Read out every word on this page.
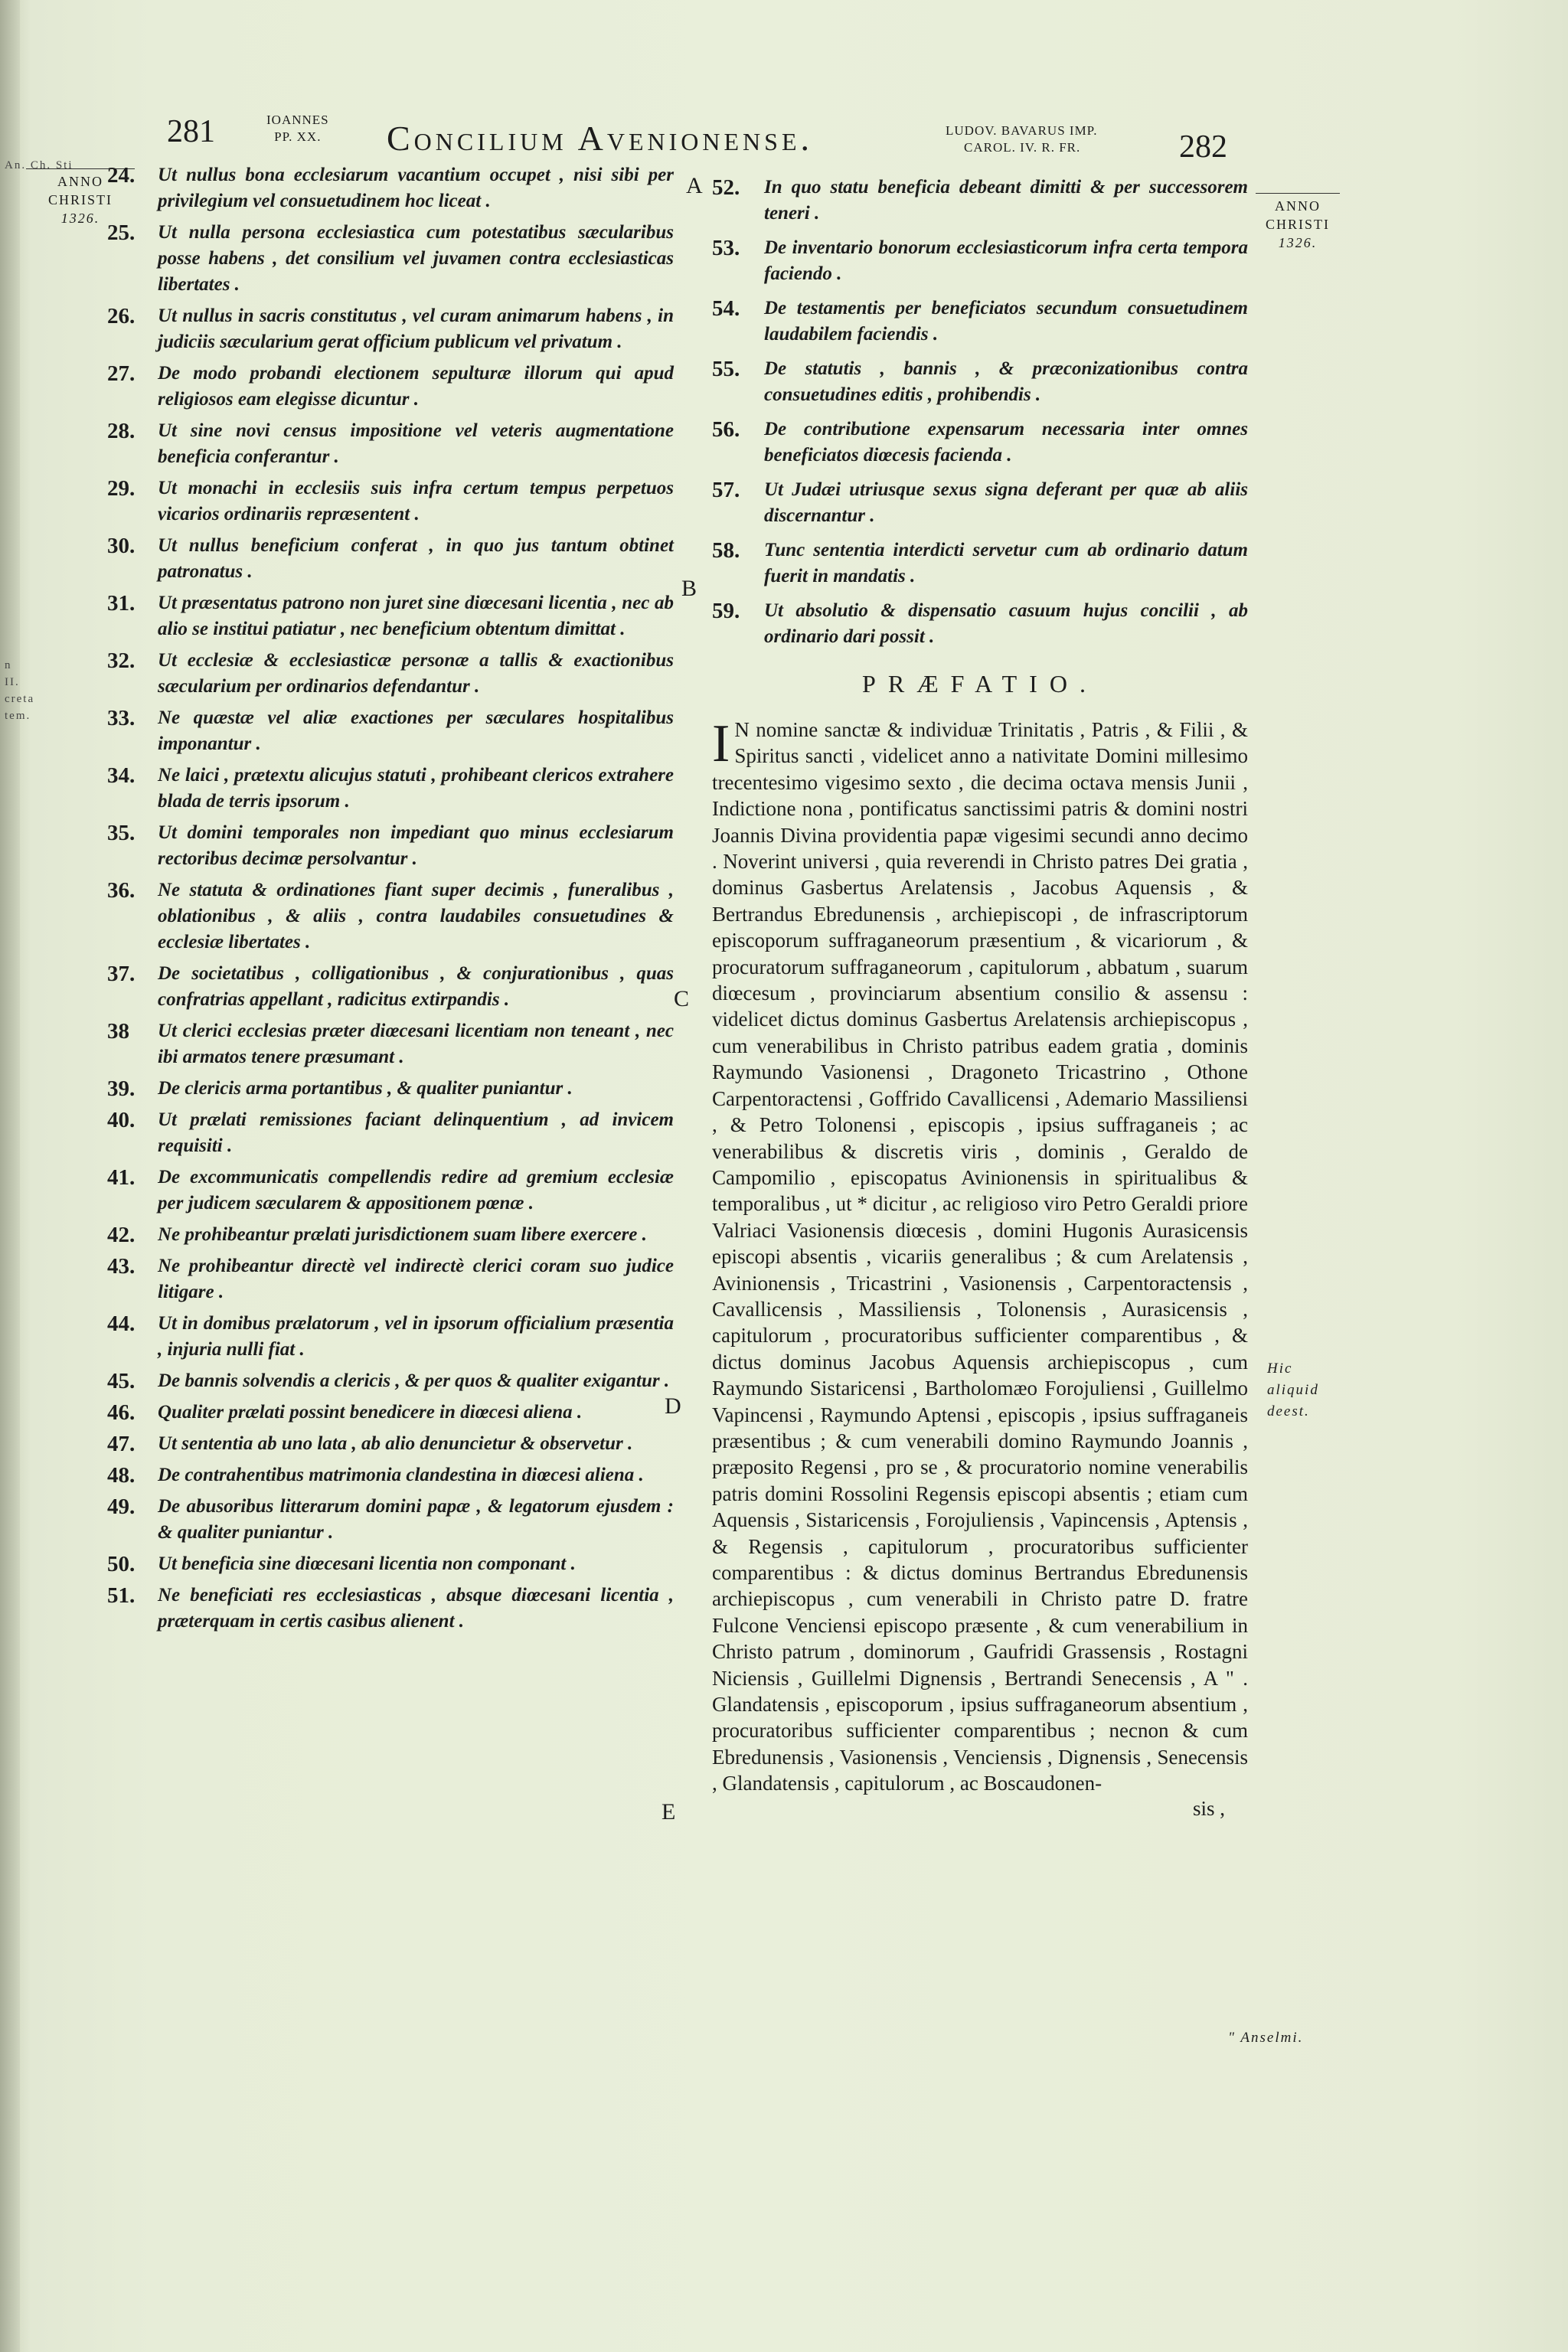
281	IOANNES
PP. XX. Concilium Avenionense.	LUDOV. BAVARUS IMP.
CAROL. IV. R. FR.	282
ANNO
CHRISTI
1326.
An. Ch. Sti
n II. creta tem.
ANNO
CHRISTI
1326.
Hic aliquid deest.
" Anselmi.
A
B
C
D
E
24.	Ut nullus bona ecclesiarum vacantium occupet , nisi sibi per privilegium vel consuetudinem hoc liceat .
25.	Ut nulla persona ecclesiastica cum potestatibus sæcularibus posse habens , det consilium vel juvamen contra ecclesiasticas libertates .
26.	Ut nullus in sacris constitutus , vel curam animarum habens , in judiciis sæcularium gerat officium publicum vel privatum .
27.	De modo probandi electionem sepulturæ illorum qui apud religiosos eam elegisse dicuntur .
28.	Ut sine novi census impositione vel veteris augmentatione beneficia conferantur .
29.	Ut monachi in ecclesiis suis infra certum tempus perpetuos vicarios ordinariis repræsentent .
30.	Ut nullus beneficium conferat , in quo jus tantum obtinet patronatus .
31.	Ut præsentatus patrono non juret sine diœcesani licentia , nec ab alio se institui patiatur , nec beneficium obtentum dimittat .
32.	Ut ecclesiæ & ecclesiasticæ personæ a tallis & exactionibus sæcularium per ordinarios defendantur .
33.	Ne quæstæ vel aliæ exactiones per sæculares hospitalibus imponantur .
34.	Ne laici , prætextu alicujus statuti , prohibeant clericos extrahere blada de terris ipsorum .
35.	Ut domini temporales non impediant quo minus ecclesiarum rectoribus decimæ persolvantur .
36.	Ne statuta & ordinationes fiant super decimis , funeralibus , oblationibus , & aliis , contra laudabiles consuetudines & ecclesiæ libertates .
37.	De societatibus , colligationibus , & conjurationibus , quas confratrias appellant , radicitus extirpandis .
38	Ut clerici ecclesias præter diœcesani licentiam non teneant , nec ibi armatos tenere præsumant .
39.	De clericis arma portantibus , & qualiter puniantur .
40.	Ut prælati remissiones faciant delinquentium , ad invicem requisiti .
41.	De excommunicatis compellendis redire ad gremium ecclesiæ per judicem sæcularem & appositionem pœnæ .
42.	Ne prohibeantur prælati jurisdictionem suam libere exercere .
43.	Ne prohibeantur directè vel indirectè clerici coram suo judice litigare .
44.	Ut in domibus prælatorum , vel in ipsorum officialium præsentia , injuria nulli fiat .
45.	De bannis solvendis a clericis , & per quos & qualiter exigantur .
46.	Qualiter prælati possint benedicere in diœcesi aliena .
47.	Ut sententia ab uno lata , ab alio denuncietur & observetur .
48.	De contrahentibus matrimonia clandestina in diœcesi aliena .
49.	De abusoribus litterarum domini papæ , & legatorum ejusdem : & qualiter puniantur .
50.	Ut beneficia sine diœcesani licentia non componant .
51.	Ne beneficiati res ecclesiasticas , absque diœcesani licentia , præterquam in certis casibus alienent .
52.	In quo statu beneficia debeant dimitti & per successorem teneri .
53.	De inventario bonorum ecclesiasticorum infra certa tempora faciendo .
54.	De testamentis per beneficiatos secundum consuetudinem laudabilem faciendis .
55.	De statutis , bannis , & præconizationibus contra consuetudines editis , prohibendis .
56.	De contributione expensarum necessaria inter omnes beneficiatos diœcesis facienda .
57.	Ut Judæi utriusque sexus signa deferant per quæ ab aliis discernantur .
58.	Tunc sententia interdicti servetur cum ab ordinario datum fuerit in mandatis .
59.	Ut absolutio & dispensatio casuum hujus concilii , ab ordinario dari possit .
PRÆFATIO.
I N nomine sanctæ & individuæ Trinitatis , Patris , & Filii , & Spiritus sancti , videlicet anno a nativitate Domini millesimo trecentesimo vigesimo sexto , die decima octava mensis Junii , Indictione nona , pontificatus sanctissimi patris & domini nostri Joannis Divina providentia papæ vigesimi secundi anno decimo . Noverint universi , quia reverendi in Christo patres Dei gratia , dominus Gasbertus Arelatensis , Jacobus Aquensis , & Bertrandus Ebredunensis , archiepiscopi , de infrascriptorum episcoporum suffraganeorum præsentium , & vicariorum , & procuratorum suffraganeorum , capitulorum , abbatum , suarum diœcesum , provinciarum absentium consilio & assensu : videlicet dictus dominus Gasbertus Arelatensis archiepiscopus , cum venerabilibus in Christo patribus eadem gratia , dominis Raymundo Vasionensi , Dragoneto Tricastrino , Othone Carpentoractensi , Goffrido Cavallicensi , Ademario Massiliensi , & Petro Tolonensi , episcopis , ipsius suffraganeis ; ac venerabilibus & discretis viris , dominis , Geraldo de Campomilio , episcopatus Avinionensis in spiritualibus & temporalibus , ut * dicitur , ac religioso viro Petro Geraldi priore Valriaci Vasionensis diœcesis , domini Hugonis Aurasicensis episcopi absentis , vicariis generalibus ; & cum Arelatensis , Avinionensis , Tricastrini , Vasionensis , Carpentoractensis , Cavallicensis , Massiliensis , Tolonensis , Aurasicensis , capitulorum , procuratoribus sufficienter comparentibus , & dictus dominus Jacobus Aquensis archiepiscopus , cum Raymundo Sistaricensi , Bartholomæo Forojuliensi , Guillelmo Vapincensi , Raymundo Aptensi , episcopis , ipsius suffraganeis præsentibus ; & cum venerabili domino Raymundo Joannis , præposito Regensi , pro se , & procuratorio nomine venerabilis patris domini Rossolini Regensis episcopi absentis ; etiam cum Aquensis , Sistaricensis , Forojuliensis , Vapincensis , Aptensis , & Regensis , capitulorum , procuratoribus sufficienter comparentibus : & dictus dominus Bertrandus Ebredunensis archiepiscopus , cum venerabili in Christo patre D. fratre Fulcone Venciensi episcopo præsente , & cum venerabilium in Christo patrum , dominorum , Gaufridi Grassensis , Rostagni Niciensis , Guillelmi Dignensis , Bertrandi Senecensis , A " . Glandatensis , episcoporum , ipsius suffraganeorum absentium , procuratoribus sufficienter comparentibus ; necnon & cum Ebredunensis , Vasionensis , Venciensis , Dignensis , Senecensis , Glandatensis , capitulorum , ac Boscaudonen-
sis ,
